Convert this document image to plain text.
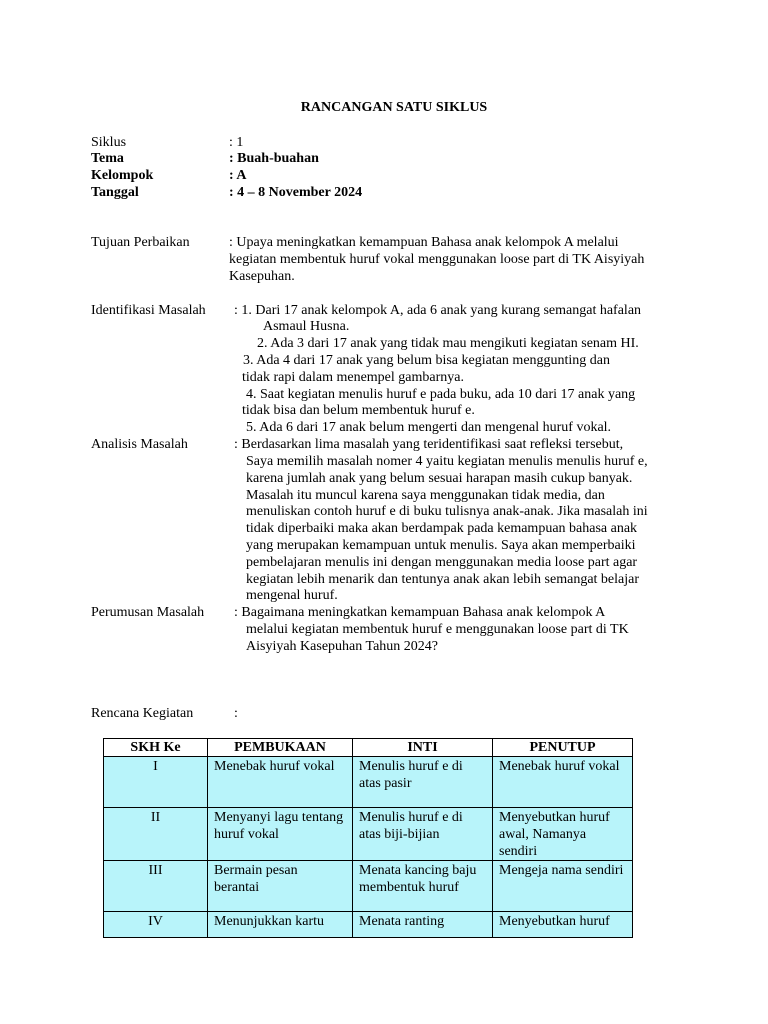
RANCANGAN SATU SIKLUS
Siklus	: 1
Tema	: Buah-buahan
Kelompok	: A
Tanggal	: 4 – 8 November 2024
Tujuan Perbaikan	: Upaya meningkatkan kemampuan Bahasa anak kelompok A melalui
kegiatan membentuk huruf vokal menggunakan loose part di TK Aisyiyah
Kasepuhan.
Identifikasi Masalah : 1. Dari 17 anak kelompok A, ada 6 anak yang kurang semangat hafalan
Asmaul Husna.
2. Ada 3 dari 17 anak yang tidak mau mengikuti kegiatan senam HI.
3. Ada 4 dari 17 anak yang belum bisa kegiatan menggunting dan
tidak rapi dalam menempel gambarnya.
4. Saat kegiatan menulis huruf e pada buku, ada 10 dari 17 anak yang
tidak bisa dan belum membentuk huruf e.
5. Ada 6 dari 17 anak belum mengerti dan mengenal huruf vokal.
Analisis Masalah	: Berdasarkan lima masalah yang teridentifikasi saat refleksi tersebut,
Saya memilih masalah nomer 4 yaitu kegiatan menulis menulis huruf e,
karena jumlah anak yang belum sesuai harapan masih cukup banyak.
Masalah itu muncul karena saya menggunakan tidak media, dan
menuliskan contoh huruf e di buku tulisnya anak-anak. Jika masalah ini
tidak diperbaiki maka akan berdampak pada kemampuan bahasa anak
yang merupakan kemampuan untuk menulis. Saya akan memperbaiki
pembelajaran menulis ini dengan menggunakan media loose part agar
kegiatan lebih menarik dan tentunya anak akan lebih semangat belajar
mengenal huruf.
Perumusan Masalah : Bagaimana meningkatkan kemampuan Bahasa anak kelompok A
melalui kegiatan membentuk huruf e menggunakan loose part di TK
Aisyiyah Kasepuhan Tahun 2024?
Rencana Kegiatan	:
SKH Ke	PEMBUKAAN	INTI	PENUTUP
I	Menebak huruf vokal	Menulis huruf e di atas pasir	Menebak huruf vokal
II	Menyanyi lagu tentang huruf vokal	Menulis huruf e di atas biji-bijian	Menyebutkan huruf awal, Namanya sendiri
III	Bermain pesan berantai	Menata kancing baju membentuk huruf	Mengeja nama sendiri
IV	Menunjukkan kartu	Menata ranting	Menyebutkan huruf
